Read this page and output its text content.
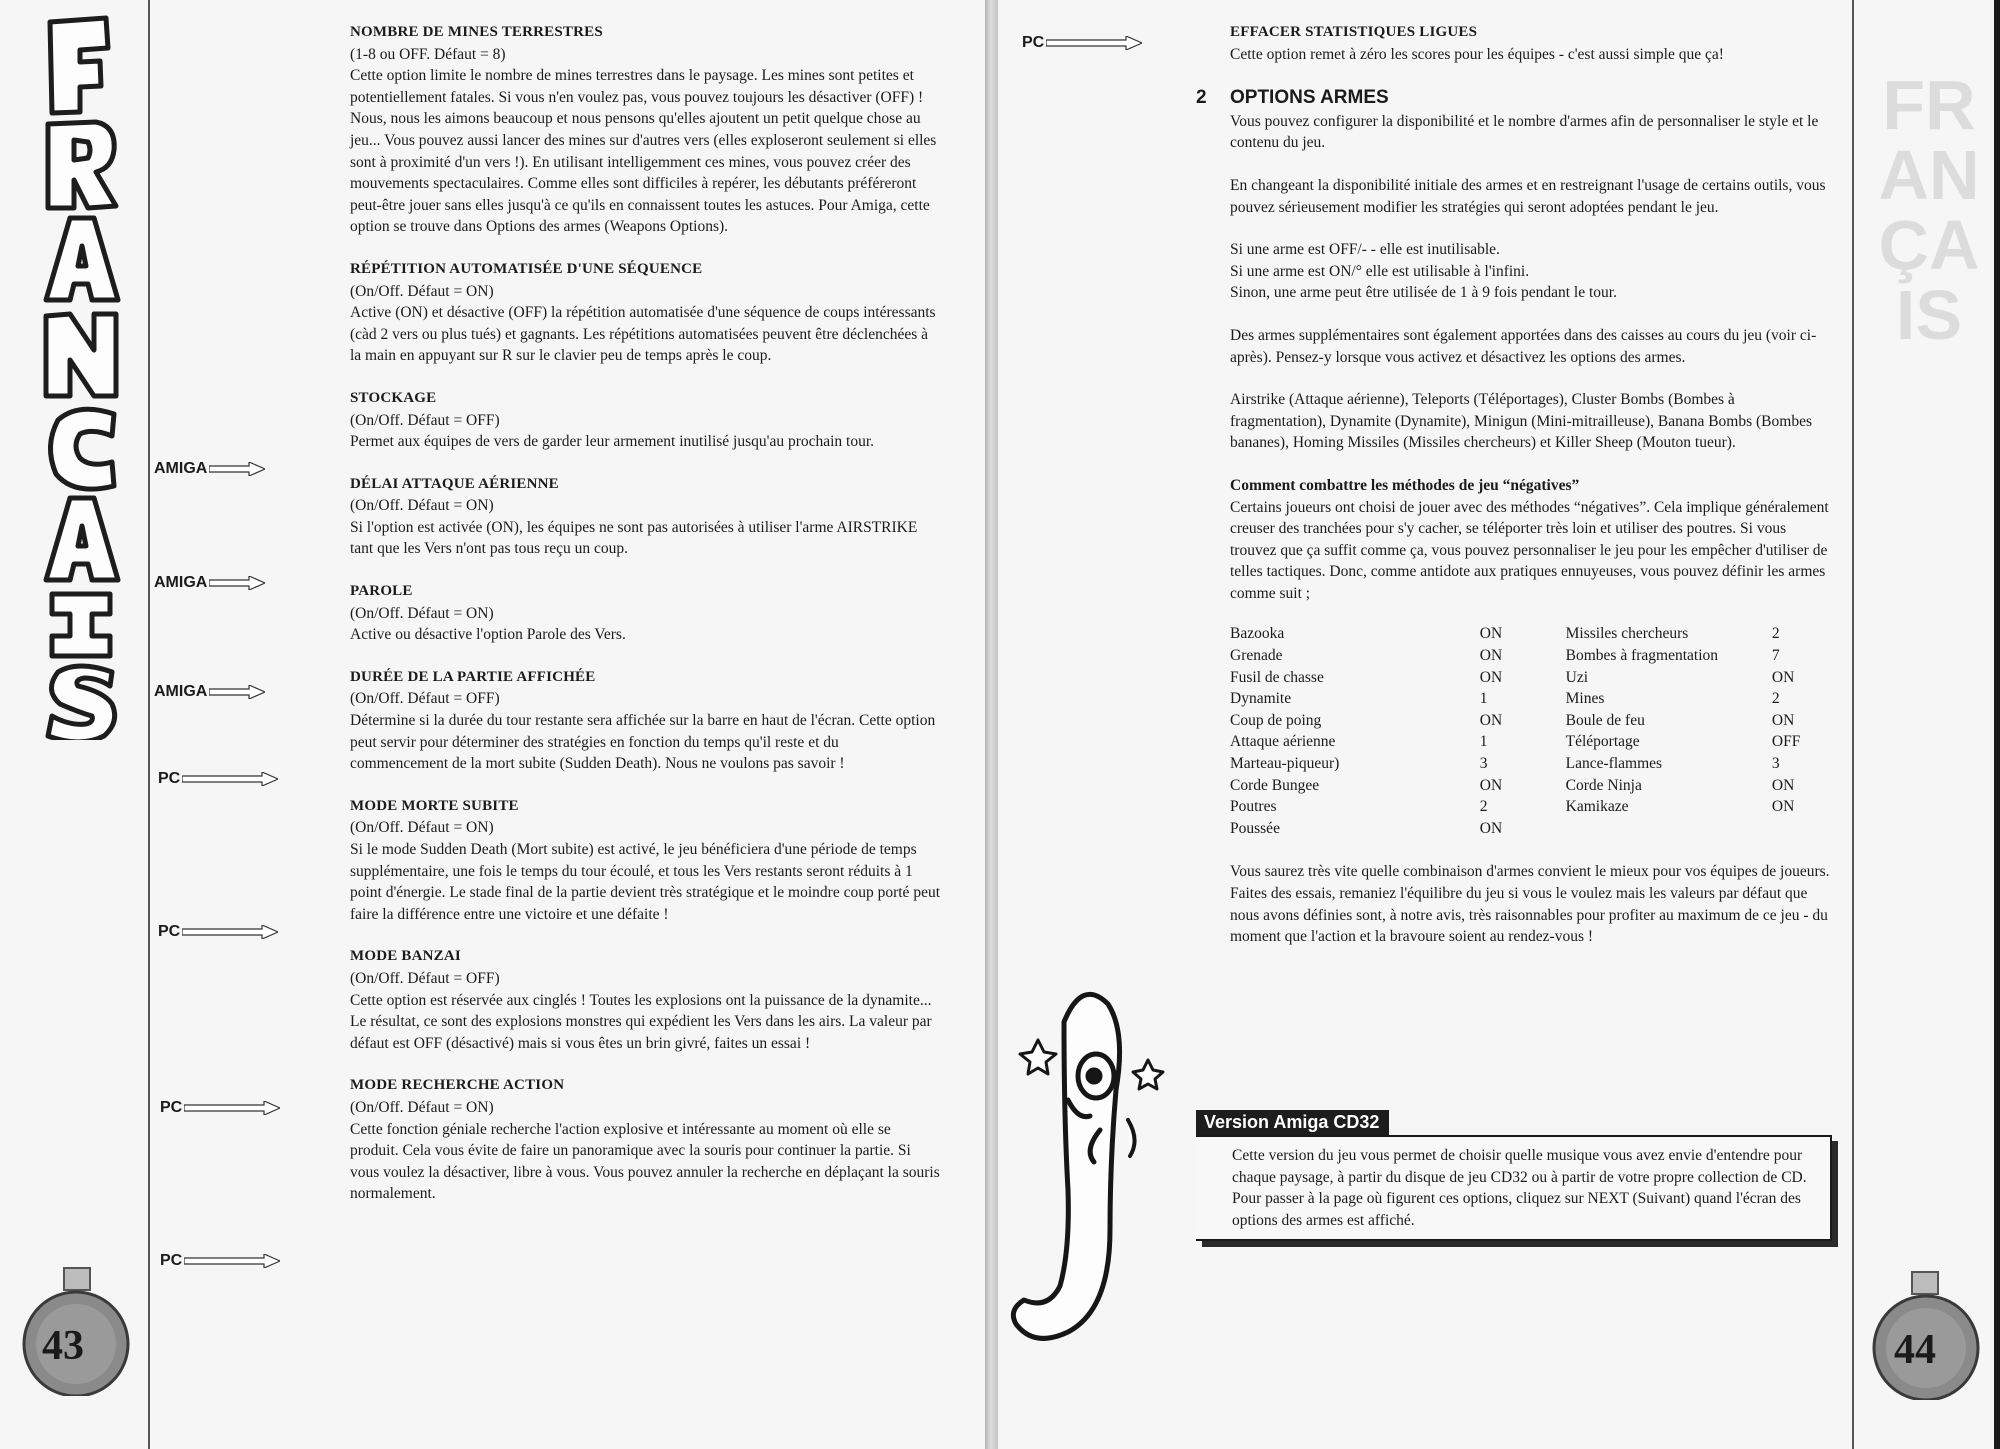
43
AMIGA
AMIGA
AMIGA
PC
PC
PC
PC
NOMBRE DE MINES TERRESTRES

(1-8 ou OFF. Défaut = 8)

Cette option limite le nombre de mines terrestres dans le paysage. Les mines sont petites et potentiellement fatales. Si vous n'en voulez pas, vous pouvez toujours les désactiver (OFF) ! Nous, nous les aimons beaucoup et nous pensons qu'elles ajoutent un petit quelque chose au jeu... Vous pouvez aussi lancer des mines sur d'autres vers (elles exploseront seulement si elles sont à proximité d'un vers !). En utilisant intelligemment ces mines, vous pouvez créer des mouvements spectaculaires. Comme elles sont difficiles à repérer, les débutants préféreront peut-être jouer sans elles jusqu'à ce qu'ils en connaissent toutes les astuces. Pour Amiga, cette option se trouve dans Options des armes (Weapons Options).

RÉPÉTITION AUTOMATISÉE D'UNE SÉQUENCE

(On/Off. Défaut = ON)

Active (ON) et désactive (OFF) la répétition automatisée d'une séquence de coups intéressants (càd 2 vers ou plus tués) et gagnants. Les répétitions automatisées peuvent être déclenchées à la main en appuyant sur R sur le clavier peu de temps après le coup.

STOCKAGE

(On/Off. Défaut = OFF)

Permet aux équipes de vers de garder leur armement inutilisé jusqu'au prochain tour.

DÉLAI ATTAQUE AÉRIENNE

(On/Off. Défaut = ON)

Si l'option est activée (ON), les équipes ne sont pas autorisées à utiliser l'arme AIRSTRIKE tant que les Vers n'ont pas tous reçu un coup.

PAROLE

(On/Off. Défaut = ON)

Active ou désactive l'option Parole des Vers.

DURÉE DE LA PARTIE AFFICHÉE

(On/Off. Défaut = OFF)

Détermine si la durée du tour restante sera affichée sur la barre en haut de l'écran. Cette option peut servir pour déterminer des stratégies en fonction du temps qu'il reste et du commencement de la mort subite (Sudden Death). Nous ne voulons pas savoir !

MODE MORTE SUBITE

(On/Off. Défaut = ON)

Si le mode Sudden Death (Mort subite) est activé, le jeu bénéficiera d'une période de temps supplémentaire, une fois le temps du tour écoulé, et tous les Vers restants seront réduits à 1 point d'énergie. Le stade final de la partie devient très stratégique et le moindre coup porté peut faire la différence entre une victoire et une défaite !

MODE BANZAI

(On/Off. Défaut = OFF)

Cette option est réservée aux cinglés ! Toutes les explosions ont la puissance de la dynamite... Le résultat, ce sont des explosions monstres qui expédient les Vers dans les airs. La valeur par défaut est OFF (désactivé) mais si vous êtes un brin givré, faites un essai !

MODE RECHERCHE ACTION

(On/Off. Défaut = ON)

Cette fonction géniale recherche l'action explosive et intéressante au moment où elle se produit. Cela vous évite de faire un panoramique avec la souris pour continuer la partie. Si vous voulez la désactiver, libre à vous. Vous pouvez annuler la recherche en déplaçant la souris normalement.

PC
44
FRANÇAIS
EFFACER STATISTIQUES LIGUES

Cette option remet à zéro les scores pour les équipes - c'est aussi simple que ça!

2	OPTIONS ARMES

Vous pouvez configurer la disponibilité et le nombre d'armes afin de personnaliser le style et le contenu du jeu.

En changeant la disponibilité initiale des armes et en restreignant l'usage de certains outils, vous pouvez sérieusement modifier les stratégies qui seront adoptées pendant le jeu.

Si une arme est OFF/- - elle est inutilisable.
Si une arme est ON/° elle est utilisable à l'infini.
Sinon, une arme peut être utilisée de 1 à 9 fois pendant le tour.

Des armes supplémentaires sont également apportées dans des caisses au cours du jeu (voir ci-après). Pensez-y lorsque vous activez et désactivez les options des armes.

Airstrike (Attaque aérienne), Teleports (Téléportages), Cluster Bombs (Bombes à fragmentation), Dynamite (Dynamite), Minigun (Mini-mitrailleuse), Banana Bombs (Bombes bananes), Homing Missiles (Missiles chercheurs) et Killer Sheep (Mouton tueur).

Comment combattre les méthodes de jeu “négatives”

Certains joueurs ont choisi de jouer avec des méthodes “négatives”. Cela implique généralement creuser des tranchées pour s'y cacher, se téléporter très loin et utiliser des poutres. Si vous trouvez que ça suffit comme ça, vous pouvez personnaliser le jeu pour les empêcher d'utiliser de telles tactiques. Donc, comme antidote aux pratiques ennuyeuses, vous pouvez définir les armes comme suit ;

Bazooka	ON	Missiles chercheurs	2
Grenade	ON	Bombes à fragmentation	7
Fusil de chasse	ON	Uzi	ON
Dynamite	1	Mines	2
Coup de poing	ON	Boule de feu	ON
Attaque aérienne	1	Téléportage	OFF
Marteau-piqueur)	3	Lance-flammes	3
Corde Bungee	ON	Corde Ninja	ON
Poutres	2	Kamikaze	ON
Poussée	ON		

Vous saurez très vite quelle combinaison d'armes convient le mieux pour vos équipes de joueurs. Faites des essais, remaniez l'équilibre du jeu si vous le voulez mais les valeurs par défaut que nous avons définies sont, à notre avis, très raisonnables pour profiter au maximum de ce jeu - du moment que l'action et la bravoure soient au rendez-vous !

Version Amiga CD32
Cette version du jeu vous permet de choisir quelle musique vous avez envie d'entendre pour chaque paysage, à partir du disque de jeu CD32 ou à partir de votre propre collection de CD. Pour passer à la page où figurent ces options, cliquez sur NEXT (Suivant) quand l'écran des options des armes est affiché.
